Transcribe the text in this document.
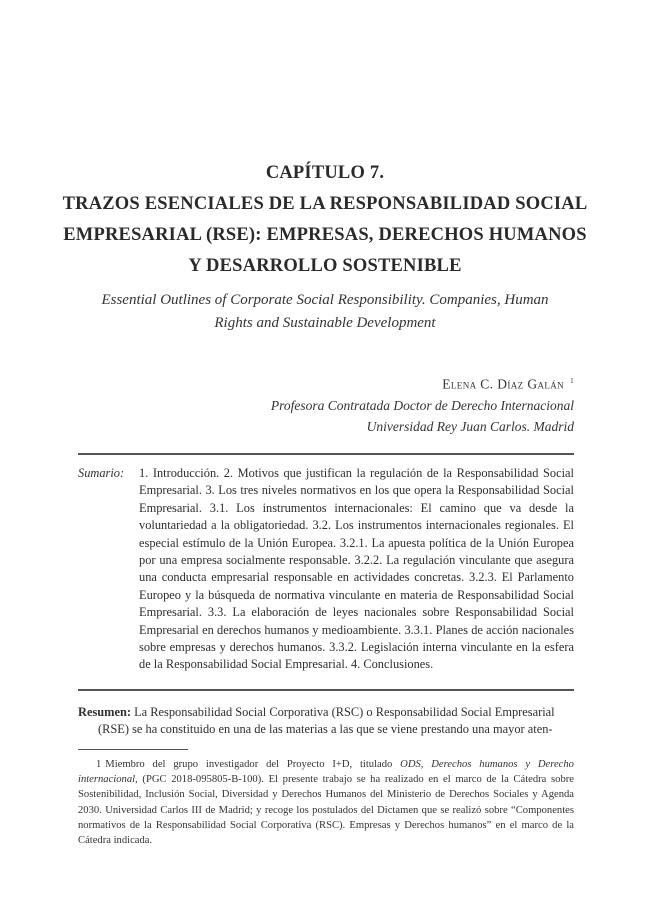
CAPÍTULO 7.
TRAZOS ESENCIALES DE LA RESPONSABILIDAD SOCIAL
EMPRESARIAL (RSE): EMPRESAS, DERECHOS HUMANOS
Y DESARROLLO SOSTENIBLE
Essential Outlines of Corporate Social Responsibility. Companies, Human
Rights and Sustainable Development
Elena C. Díaz Galán $^1$
Profesora Contratada Doctor de Derecho Internacional
Universidad Rey Juan Carlos. Madrid
Sumario: 1. Introducción. 2. Motivos que justifican la regulación de la Responsabilidad Social Empresarial. 3. Los tres niveles normativos en los que opera la Responsabilidad Social Empresarial. 3.1. Los instrumentos internacionales: El camino que va desde la voluntariedad a la obligatoriedad. 3.2. Los instrumentos internacionales regionales. El especial estímulo de la Unión Europea. 3.2.1. La apuesta política de la Unión Europea por una empresa socialmente responsable. 3.2.2. La regulación vinculante que asegura una conducta empresarial responsable en actividades concretas. 3.2.3. El Parlamento Europeo y la búsqueda de normativa vinculante en materia de Responsabilidad Social Empresarial. 3.3. La elaboración de leyes nacionales sobre Responsabilidad Social Empresarial en derechos humanos y medioambiente. 3.3.1. Planes de acción nacionales sobre empresas y derechos humanos. 3.3.2. Legislación interna vinculante en la esfera de la Responsabilidad Social Empresarial. 4. Conclusiones.
Resumen: La Responsabilidad Social Corporativa (RSC) o Responsabilidad Social Empresarial
(RSE) se ha constituido en una de las materias a las que se viene prestando una mayor aten-
1 Miembro del grupo investigador del Proyecto I+D, titulado ODS, Derechos humanos y Derecho internacional, (PGC 2018-095805-B-100). El presente trabajo se ha realizado en el marco de la Cátedra sobre Sostenibilidad, Inclusión Social, Diversidad y Derechos Humanos del Ministerio de Derechos Sociales y Agenda 2030. Universidad Carlos III de Madrid; y recoge los postulados del Dictamen que se realizó sobre “Componentes normativos de la Responsabilidad Social Corporativa (RSC). Empresas y Derechos humanos” en el marco de la Cátedra indicada.
